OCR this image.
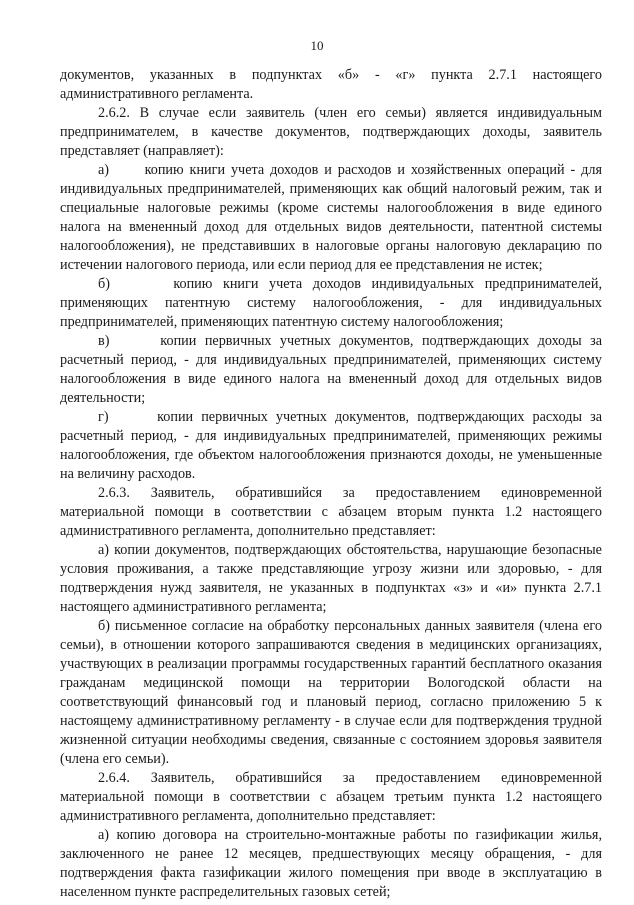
10

документов, указанных в подпунктах «б» - «г» пункта 2.7.1 настоящего административного регламента.

2.6.2. В случае если заявитель (член его семьи) является индивидуальным предпринимателем, в качестве документов, подтверждающих доходы, заявитель представляет (направляет):

а)      копию книги учета доходов и расходов и хозяйственных операций - для индивидуальных предпринимателей, применяющих как общий налоговый режим, так и специальные налоговые режимы (кроме системы налогообложения в виде единого налога на вмененный доход для отдельных видов деятельности, патентной системы налогообложения), не представивших в налоговые органы налоговую декларацию по истечении налогового периода, или если период для ее представления не истек;

б)      копию книги учета доходов индивидуальных предпринимателей, применяющих патентную систему налогообложения, - для индивидуальных предпринимателей, применяющих патентную систему налогообложения;

в)      копии первичных учетных документов, подтверждающих доходы за расчетный период, - для индивидуальных предпринимателей, применяющих систему налогообложения в виде единого налога на вмененный доход для отдельных видов деятельности;

г)      копии первичных учетных документов, подтверждающих расходы за расчетный период, - для индивидуальных предпринимателей, применяющих режимы налогообложения, где объектом налогообложения признаются доходы, не уменьшенные на величину расходов.

2.6.3. Заявитель, обратившийся за предоставлением единовременной материальной помощи в соответствии с абзацем вторым пункта 1.2 настоящего административного регламента, дополнительно представляет:

а) копии документов, подтверждающих обстоятельства, нарушающие безопасные условия проживания, а также представляющие угрозу жизни или здоровью, - для подтверждения нужд заявителя, не указанных в подпунктах «з» и «и» пункта 2.7.1 настоящего административного регламента;

б) письменное согласие на обработку персональных данных заявителя (члена его семьи), в отношении которого запрашиваются сведения в медицинских организациях, участвующих в реализации программы государственных гарантий бесплатного оказания гражданам медицинской помощи на территории Вологодской области на соответствующий финансовый год и плановый период, согласно приложению 5 к настоящему административному регламенту - в случае если для подтверждения трудной жизненной ситуации необходимы сведения, связанные с состоянием здоровья заявителя (члена его семьи).

2.6.4. Заявитель, обратившийся за предоставлением единовременной материальной помощи в соответствии с абзацем третьим пункта 1.2 настоящего административного регламента, дополнительно представляет:

а) копию договора на строительно-монтажные работы по газификации жилья, заключенного не ранее 12 месяцев, предшествующих месяцу обращения, - для подтверждения факта газификации жилого помещения при вводе в эксплуатацию в населенном пункте распределительных газовых сетей;
